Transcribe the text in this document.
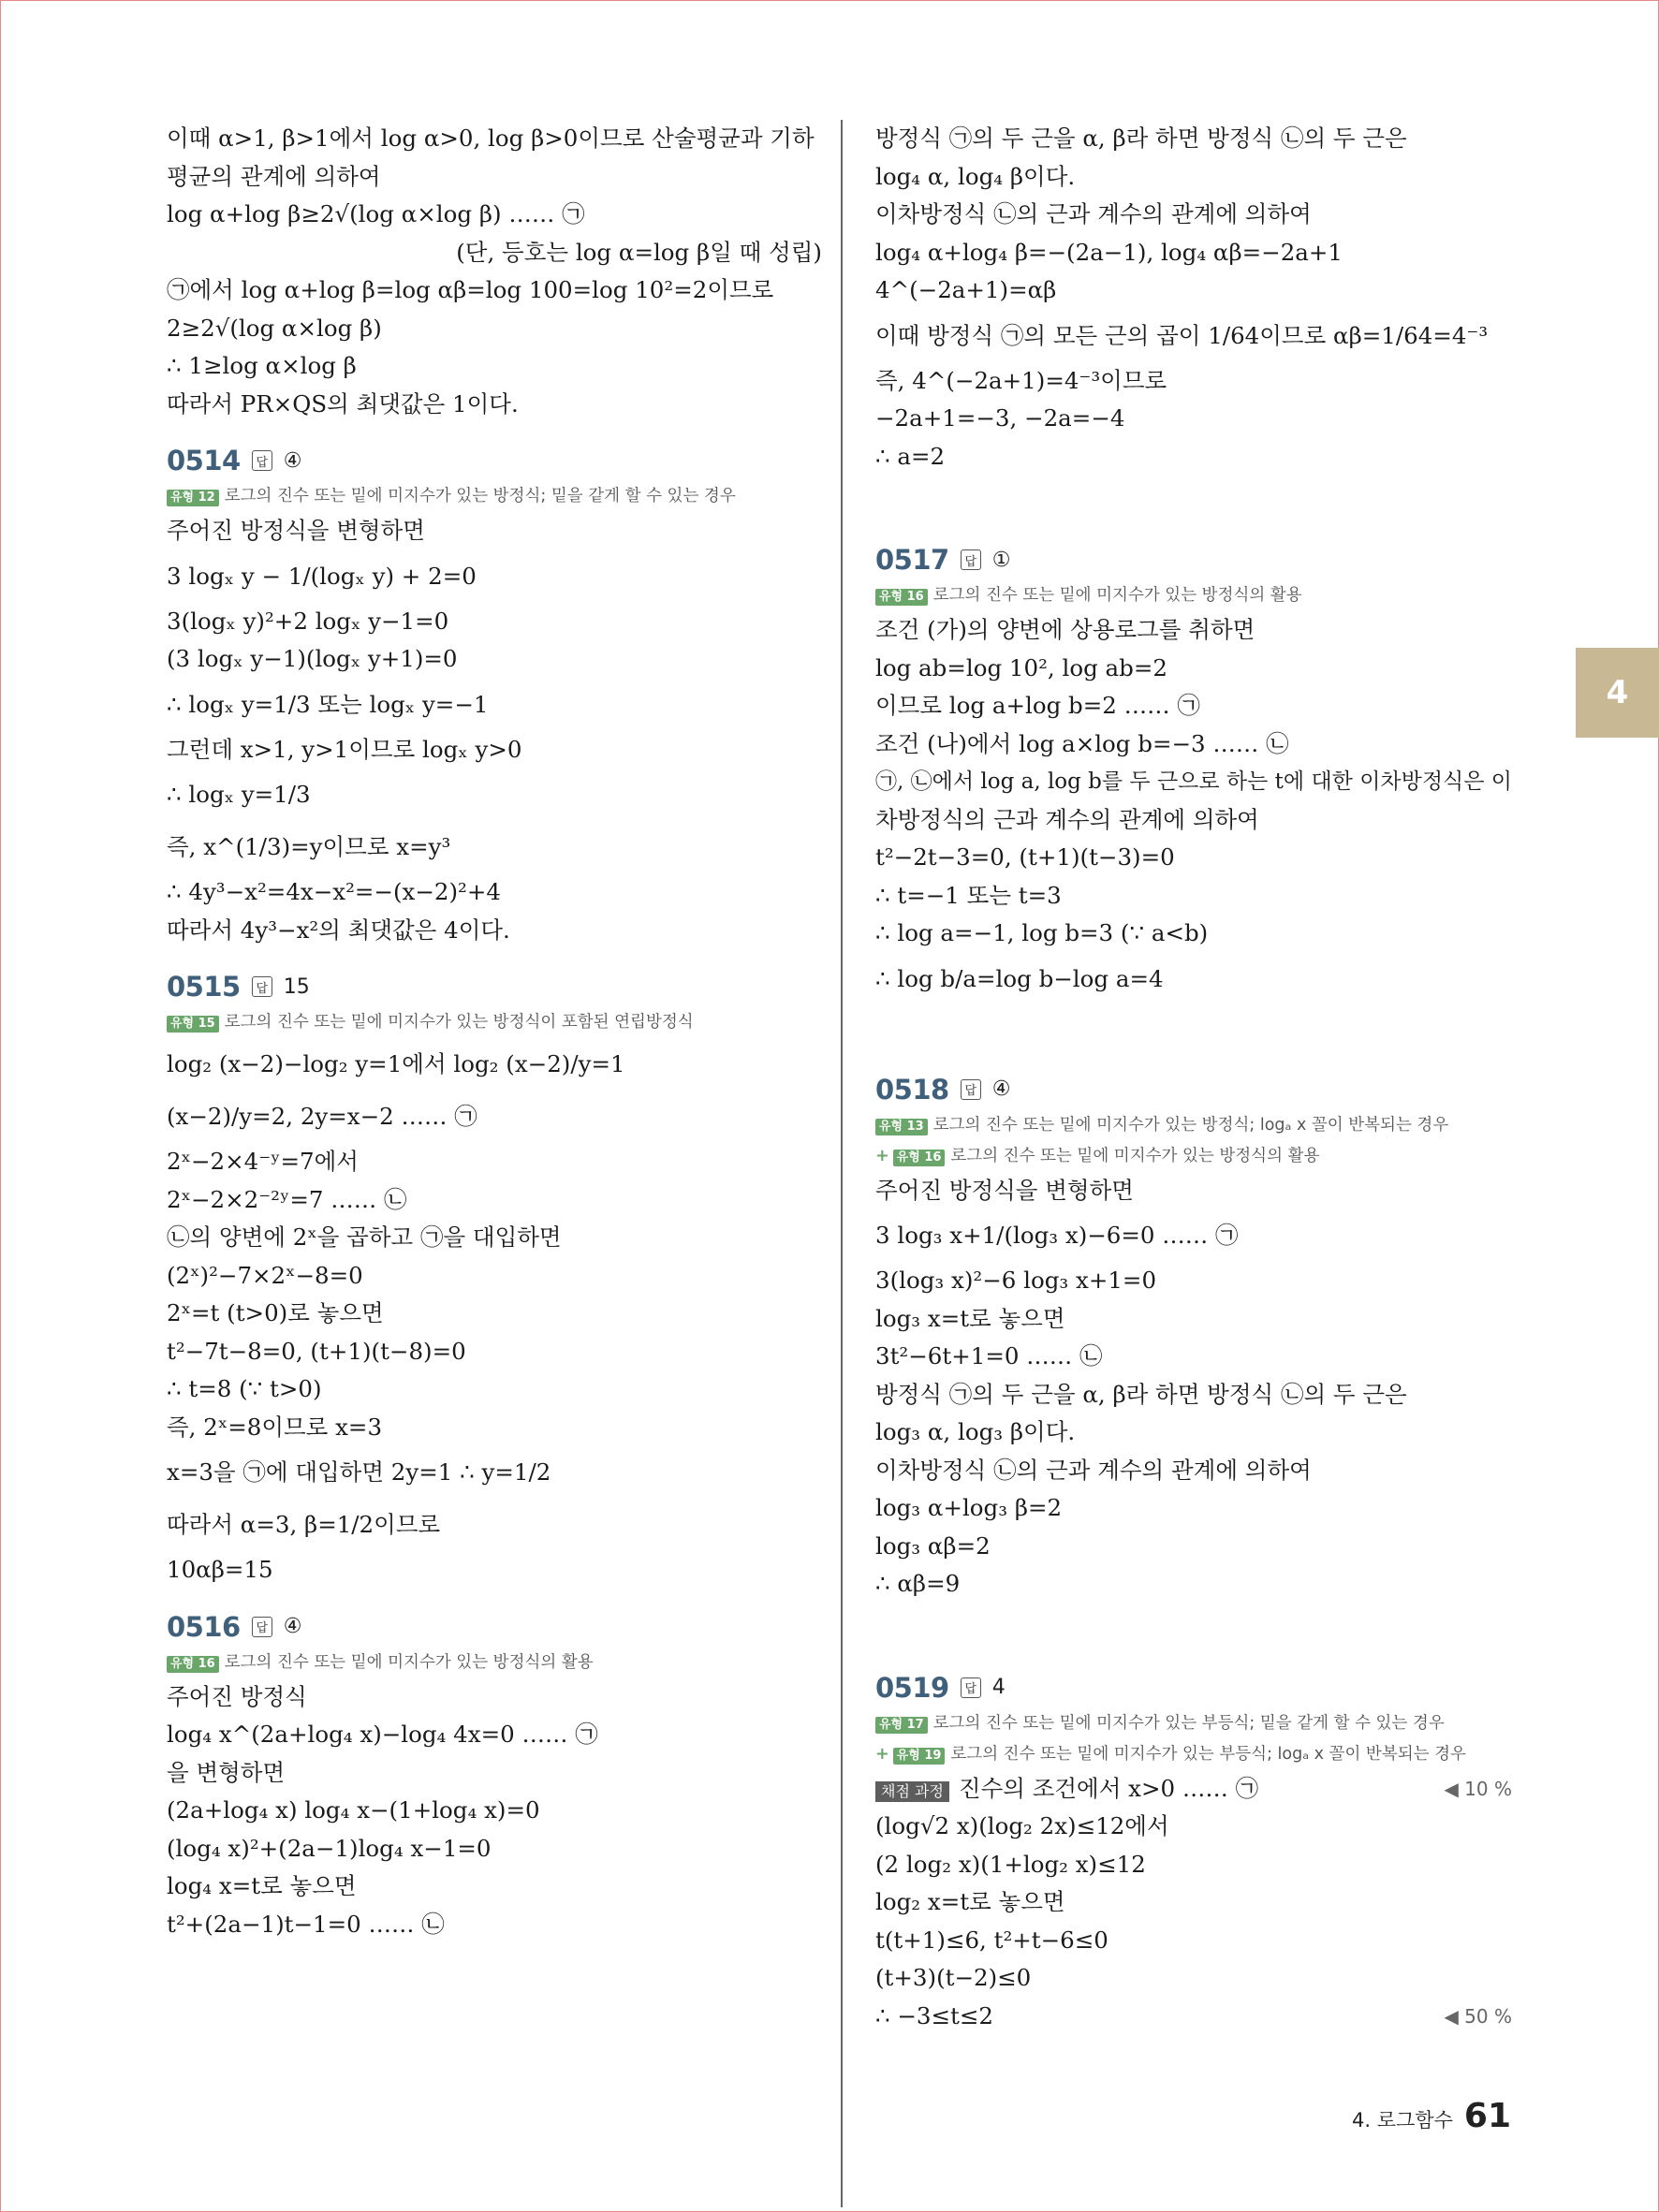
이때 α>1, β>1에서 log α>0, log β>0이므로 산술평균과 기하
평균의 관계에 의하여
log α+log β≥2√(log α×log β) …… ㉠
(단, 등호는 log α=log β일 때 성립)
㉠에서 log α+log β=log αβ=log 100=log 10²=2이므로
2≥2√(log α×log β)
∴ 1≥log α×log β
따라서 PR×QS의 최댓값은 1이다.
0514	답 ④
유형 12 로그의 진수 또는 밑에 미지수가 있는 방정식; 밑을 같게 할 수 있는 경우
주어진 방정식을 변형하면
3 logₓ y − 1/(logₓ y) + 2=0
3(logₓ y)²+2 logₓ y−1=0
(3 logₓ y−1)(logₓ y+1)=0
∴ logₓ y=1/3 또는 logₓ y=−1
그런데 x>1, y>1이므로 logₓ y>0
∴ logₓ y=1/3
즉, x^(1/3)=y이므로 x=y³
∴ 4y³−x²=4x−x²=−(x−2)²+4
따라서 4y³−x²의 최댓값은 4이다.
0515	답 15
유형 15 로그의 진수 또는 밑에 미지수가 있는 방정식이 포함된 연립방정식
log₂ (x−2)−log₂ y=1에서 log₂ (x−2)/y=1
(x−2)/y=2, 2y=x−2 …… ㉠
2ˣ−2×4⁻ʸ=7에서
2ˣ−2×2⁻²ʸ=7 …… ㉡
㉡의 양변에 2ˣ을 곱하고 ㉠을 대입하면
(2ˣ)²−7×2ˣ−8=0
2ˣ=t (t>0)로 놓으면
t²−7t−8=0, (t+1)(t−8)=0
∴ t=8 (∵ t>0)
즉, 2ˣ=8이므로 x=3
x=3을 ㉠에 대입하면 2y=1 ∴ y=1/2
따라서 α=3, β=1/2이므로
10αβ=15
0516	답 ④
유형 16 로그의 진수 또는 밑에 미지수가 있는 방정식의 활용
주어진 방정식
log₄ x^(2a+log₄ x)−log₄ 4x=0 …… ㉠
을 변형하면
(2a+log₄ x) log₄ x−(1+log₄ x)=0
(log₄ x)²+(2a−1)log₄ x−1=0
log₄ x=t로 놓으면
t²+(2a−1)t−1=0 …… ㉡
방정식 ㉠의 두 근을 α, β라 하면 방정식 ㉡의 두 근은
log₄ α, log₄ β이다.
이차방정식 ㉡의 근과 계수의 관계에 의하여
log₄ α+log₄ β=−(2a−1), log₄ αβ=−2a+1
4^(−2a+1)=αβ
이때 방정식 ㉠의 모든 근의 곱이 1/64이므로 αβ=1/64=4⁻³
즉, 4^(−2a+1)=4⁻³이므로
−2a+1=−3, −2a=−4
∴ a=2
0517	답 ①
유형 16 로그의 진수 또는 밑에 미지수가 있는 방정식의 활용
조건 (가)의 양변에 상용로그를 취하면
log ab=log 10², log ab=2
이므로 log a+log b=2 …… ㉠
조건 (나)에서 log a×log b=−3 …… ㉡
㉠, ㉡에서 log a, log b를 두 근으로 하는 t에 대한 이차방정식은 이
차방정식의 근과 계수의 관계에 의하여
t²−2t−3=0, (t+1)(t−3)=0
∴ t=−1 또는 t=3
∴ log a=−1, log b=3 (∵ a<b)
∴ log b/a=log b−log a=4
0518	답 ④
유형 13 로그의 진수 또는 밑에 미지수가 있는 방정식; logₐ x 꼴이 반복되는 경우
+ 유형 16 로그의 진수 또는 밑에 미지수가 있는 방정식의 활용
주어진 방정식을 변형하면
3 log₃ x+1/(log₃ x)−6=0 …… ㉠
3(log₃ x)²−6 log₃ x+1=0
log₃ x=t로 놓으면
3t²−6t+1=0 …… ㉡
방정식 ㉠의 두 근을 α, β라 하면 방정식 ㉡의 두 근은
log₃ α, log₃ β이다.
이차방정식 ㉡의 근과 계수의 관계에 의하여
log₃ α+log₃ β=2
log₃ αβ=2
∴ αβ=9
0519	답 4
유형 17 로그의 진수 또는 밑에 미지수가 있는 부등식; 밑을 같게 할 수 있는 경우
+ 유형 19 로그의 진수 또는 밑에 미지수가 있는 부등식; logₐ x 꼴이 반복되는 경우
채점 과정 진수의 조건에서 x>0 …… ㉠	◀ 10 %
(log√2 x)(log₂ 2x)≤12에서
(2 log₂ x)(1+log₂ x)≤12
log₂ x=t로 놓으면
t(t+1)≤6, t²+t−6≤0
(t+3)(t−2)≤0
∴ −3≤t≤2	◀ 50 %
4
4. 로그함수 61
